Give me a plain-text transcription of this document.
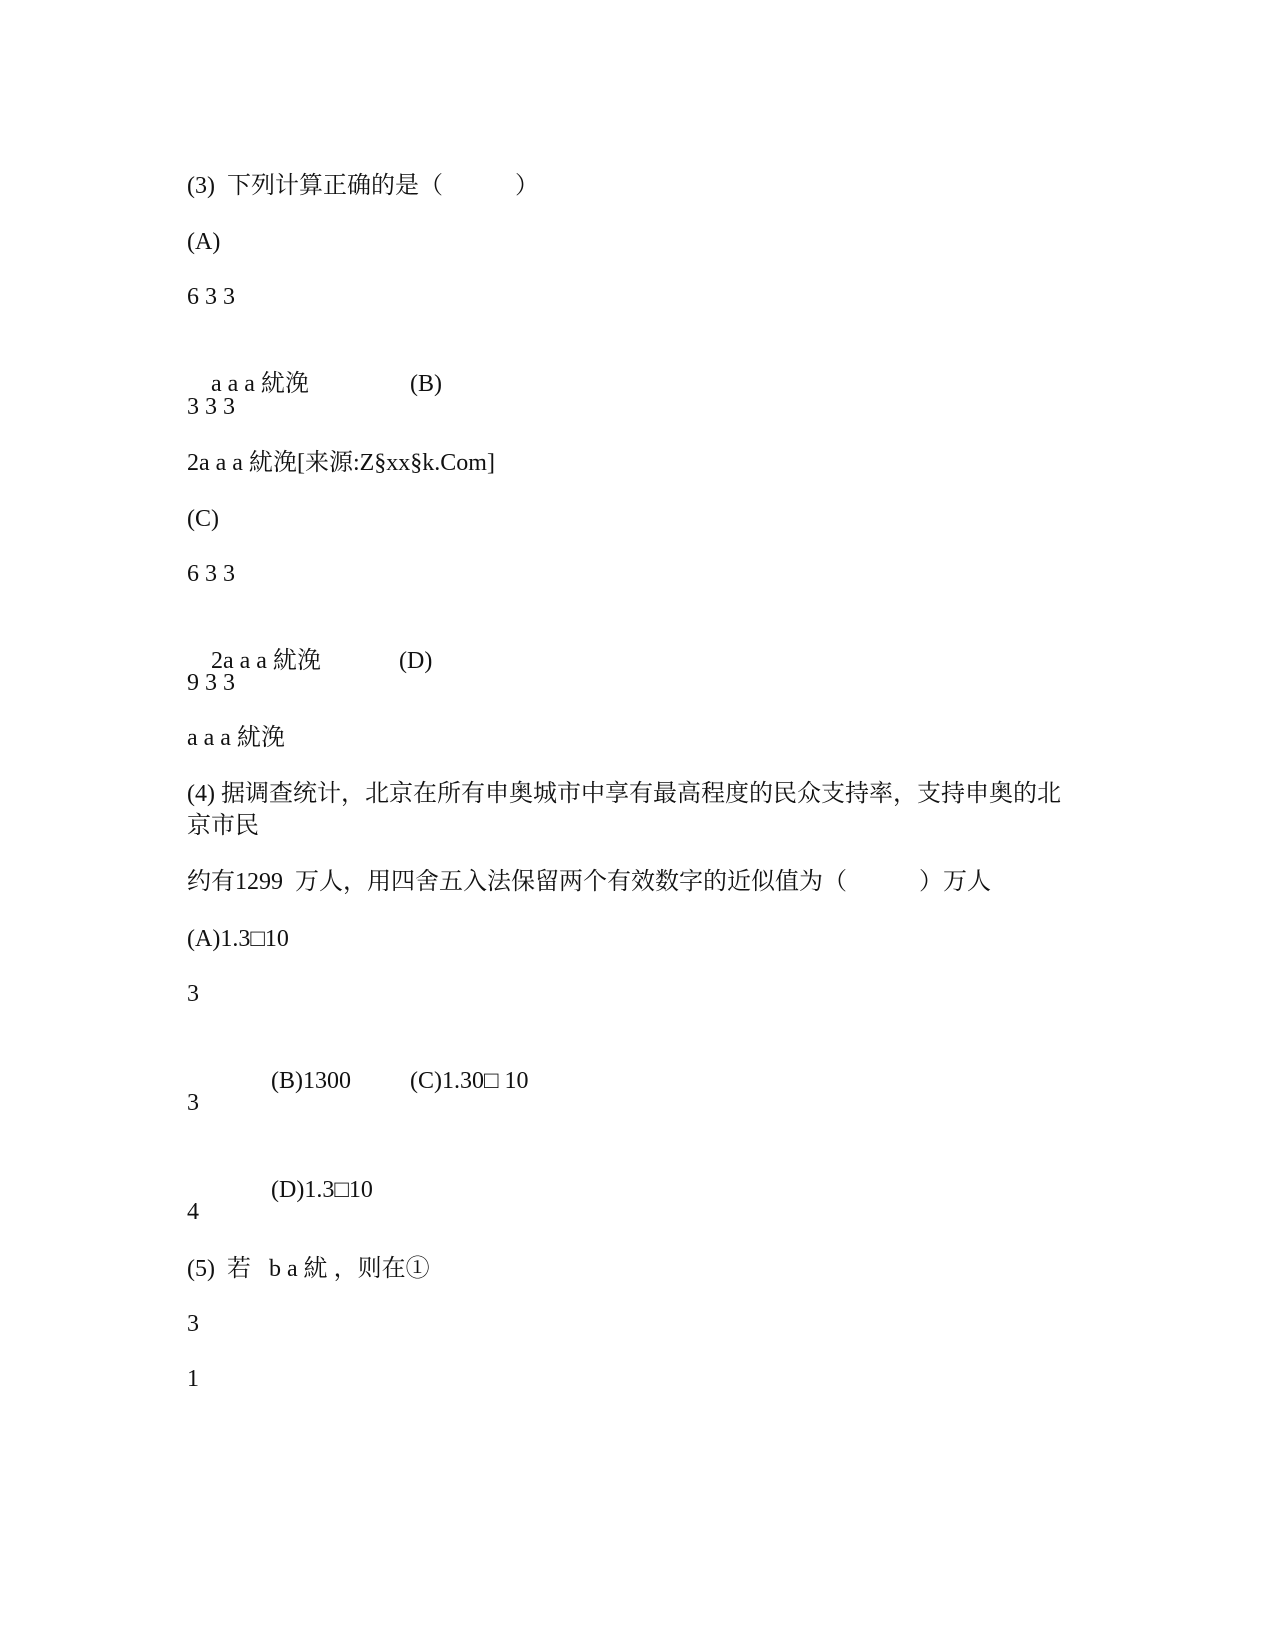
(3)  下列计算正确的是（　　　）
(A)
6 3 3

a a a 紌浼	(B)

3 3 3
2a a a 紌浼[来源:Z§xx§k.Com]
(C)
6 3 3

2a a a 紌浼	(D)

9 3 3
a a a 紌浼
(4) 据调查统计，北京在所有申奥城市中享有最高程度的民众支持率，支持申奥的北京市民
约有1299  万人，用四舍五入法保留两个有效数字的近似值为（　　　）万人
(A)1.3□10
3

(B)1300 (C)1.30□ 10

3

(D)1.3□10

4
(5)  若   b a 紌 ，则在①
3
1
